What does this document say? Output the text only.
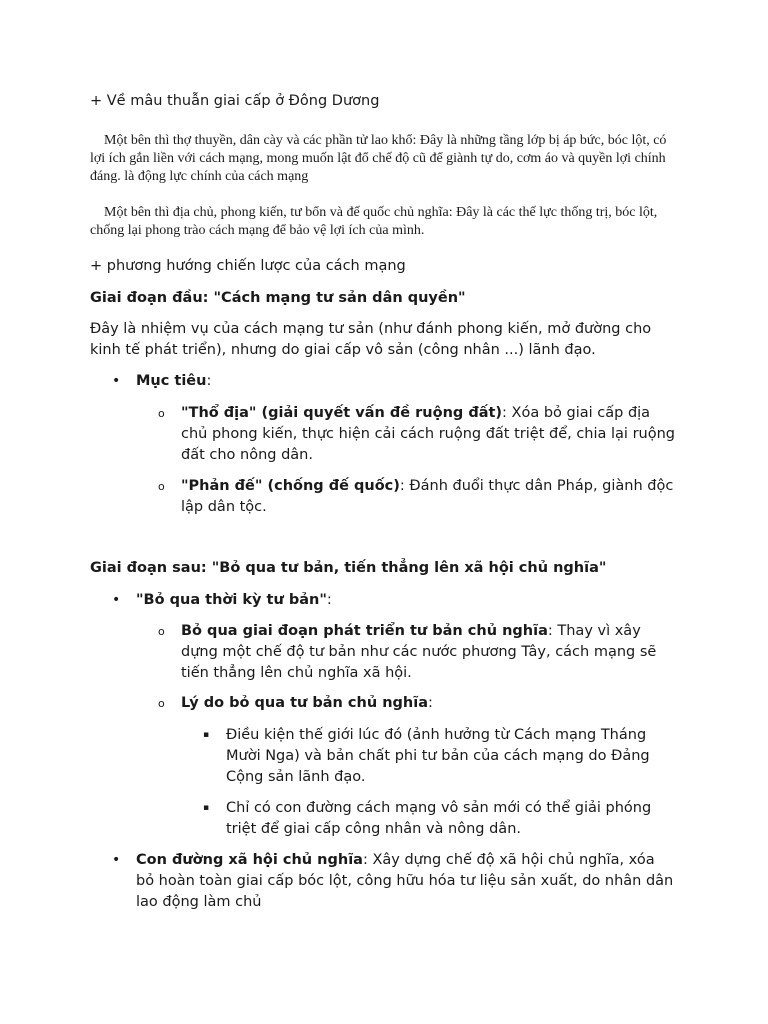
+ Về mâu thuẫn giai cấp ở Đông Dương

Một bên thì thợ thuyền, dân cày và các phần tử lao khổ: Đây là những tầng lớp bị áp bức, bóc lột, có lợi ích gắn liền với cách mạng, mong muốn lật đổ chế độ cũ để giành tự do, cơm áo và quyền lợi chính đáng. là động lực chính của cách mạng

Một bên thì địa chủ, phong kiến, tư bổn và đế quốc chủ nghĩa: Đây là các thế lực thống trị, bóc lột, chống lại phong trào cách mạng để bảo vệ lợi ích của mình.

+ phương hướng chiến lược của cách mạng

Giai đoạn đầu: "Cách mạng tư sản dân quyền"

Đây là nhiệm vụ của cách mạng tư sản (như đánh phong kiến, mở đường cho kinh tế phát triển), nhưng do giai cấp vô sản (công nhân ...) lãnh đạo.

• Mục tiêu:

o "Thổ địa" (giải quyết vấn đề ruộng đất): Xóa bỏ giai cấp địa chủ phong kiến, thực hiện cải cách ruộng đất triệt để, chia lại ruộng đất cho nông dân.

o "Phản đế" (chống đế quốc): Đánh đuổi thực dân Pháp, giành độc lập dân tộc.

Giai đoạn sau: "Bỏ qua tư bản, tiến thẳng lên xã hội chủ nghĩa"

• "Bỏ qua thời kỳ tư bản":

o Bỏ qua giai đoạn phát triển tư bản chủ nghĩa: Thay vì xây dựng một chế độ tư bản như các nước phương Tây, cách mạng sẽ tiến thẳng lên chủ nghĩa xã hội.

o Lý do bỏ qua tư bản chủ nghĩa:

▪ Điều kiện thế giới lúc đó (ảnh hưởng từ Cách mạng Tháng Mười Nga) và bản chất phi tư bản của cách mạng do Đảng Cộng sản lãnh đạo.

▪ Chỉ có con đường cách mạng vô sản mới có thể giải phóng triệt để giai cấp công nhân và nông dân.

• Con đường xã hội chủ nghĩa: Xây dựng chế độ xã hội chủ nghĩa, xóa bỏ hoàn toàn giai cấp bóc lột, công hữu hóa tư liệu sản xuất, do nhân dân lao động làm chủ
